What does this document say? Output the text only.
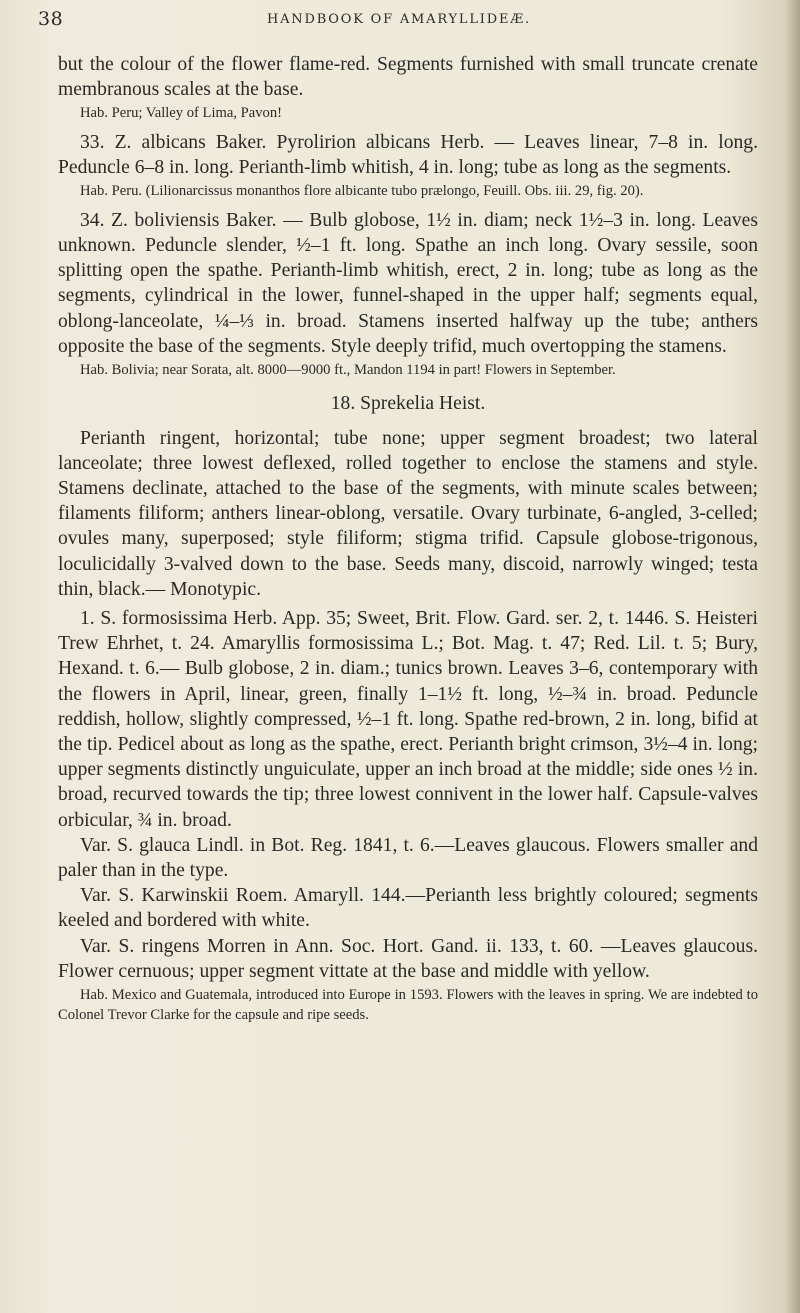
38	HANDBOOK OF AMARYLLIDEÆ.

but the colour of the flower flame-red. Segments furnished with small truncate crenate membranous scales at the base.

Hab. Peru; Valley of Lima, Pavon!

33. Z. albicans Baker. Pyrolirion albicans Herb. — Leaves linear, 7–8 in. long. Peduncle 6–8 in. long. Perianth-limb whitish, 4 in. long; tube as long as the segments.

Hab. Peru. (Lilionarcissus monanthos flore albicante tubo prælongo, Feuill. Obs. iii. 29, fig. 20).

34. Z. boliviensis Baker. — Bulb globose, 1½ in. diam; neck 1½–3 in. long. Leaves unknown. Peduncle slender, ½–1 ft. long. Spathe an inch long. Ovary sessile, soon splitting open the spathe. Perianth-limb whitish, erect, 2 in. long; tube as long as the segments, cylindrical in the lower, funnel-shaped in the upper half; segments equal, oblong-lanceolate, ¼–⅓ in. broad. Stamens inserted halfway up the tube; anthers opposite the base of the segments. Style deeply trifid, much overtopping the stamens.

Hab. Bolivia; near Sorata, alt. 8000—9000 ft., Mandon 1194 in part! Flowers in September.

18. Sprekelia Heist.

Perianth ringent, horizontal; tube none; upper segment broadest; two lateral lanceolate; three lowest deflexed, rolled together to enclose the stamens and style. Stamens declinate, attached to the base of the segments, with minute scales between; filaments filiform; anthers linear-oblong, versatile. Ovary turbinate, 6-angled, 3-celled; ovules many, superposed; style filiform; stigma trifid. Capsule globose-trigonous, loculicidally 3-valved down to the base. Seeds many, discoid, narrowly winged; testa thin, black.— Monotypic.

1. S. formosissima Herb. App. 35; Sweet, Brit. Flow. Gard. ser. 2, t. 1446. S. Heisteri Trew Ehrhet, t. 24. Amaryllis formosissima L.; Bot. Mag. t. 47; Red. Lil. t. 5; Bury, Hexand. t. 6.— Bulb globose, 2 in. diam.; tunics brown. Leaves 3–6, contemporary with the flowers in April, linear, green, finally 1–1½ ft. long, ½–¾ in. broad. Peduncle reddish, hollow, slightly compressed, ½–1 ft. long. Spathe red-brown, 2 in. long, bifid at the tip. Pedicel about as long as the spathe, erect. Perianth bright crimson, 3½–4 in. long; upper segments distinctly unguiculate, upper an inch broad at the middle; side ones ½ in. broad, recurved towards the tip; three lowest connivent in the lower half. Capsule-valves orbicular, ¾ in. broad.

Var. S. glauca Lindl. in Bot. Reg. 1841, t. 6.—Leaves glaucous. Flowers smaller and paler than in the type.

Var. S. Karwinskii Roem. Amaryll. 144.—Perianth less brightly coloured; segments keeled and bordered with white.

Var. S. ringens Morren in Ann. Soc. Hort. Gand. ii. 133, t. 60. —Leaves glaucous. Flower cernuous; upper segment vittate at the base and middle with yellow.

Hab. Mexico and Guatemala, introduced into Europe in 1593. Flowers with the leaves in spring. We are indebted to Colonel Trevor Clarke for the capsule and ripe seeds.
